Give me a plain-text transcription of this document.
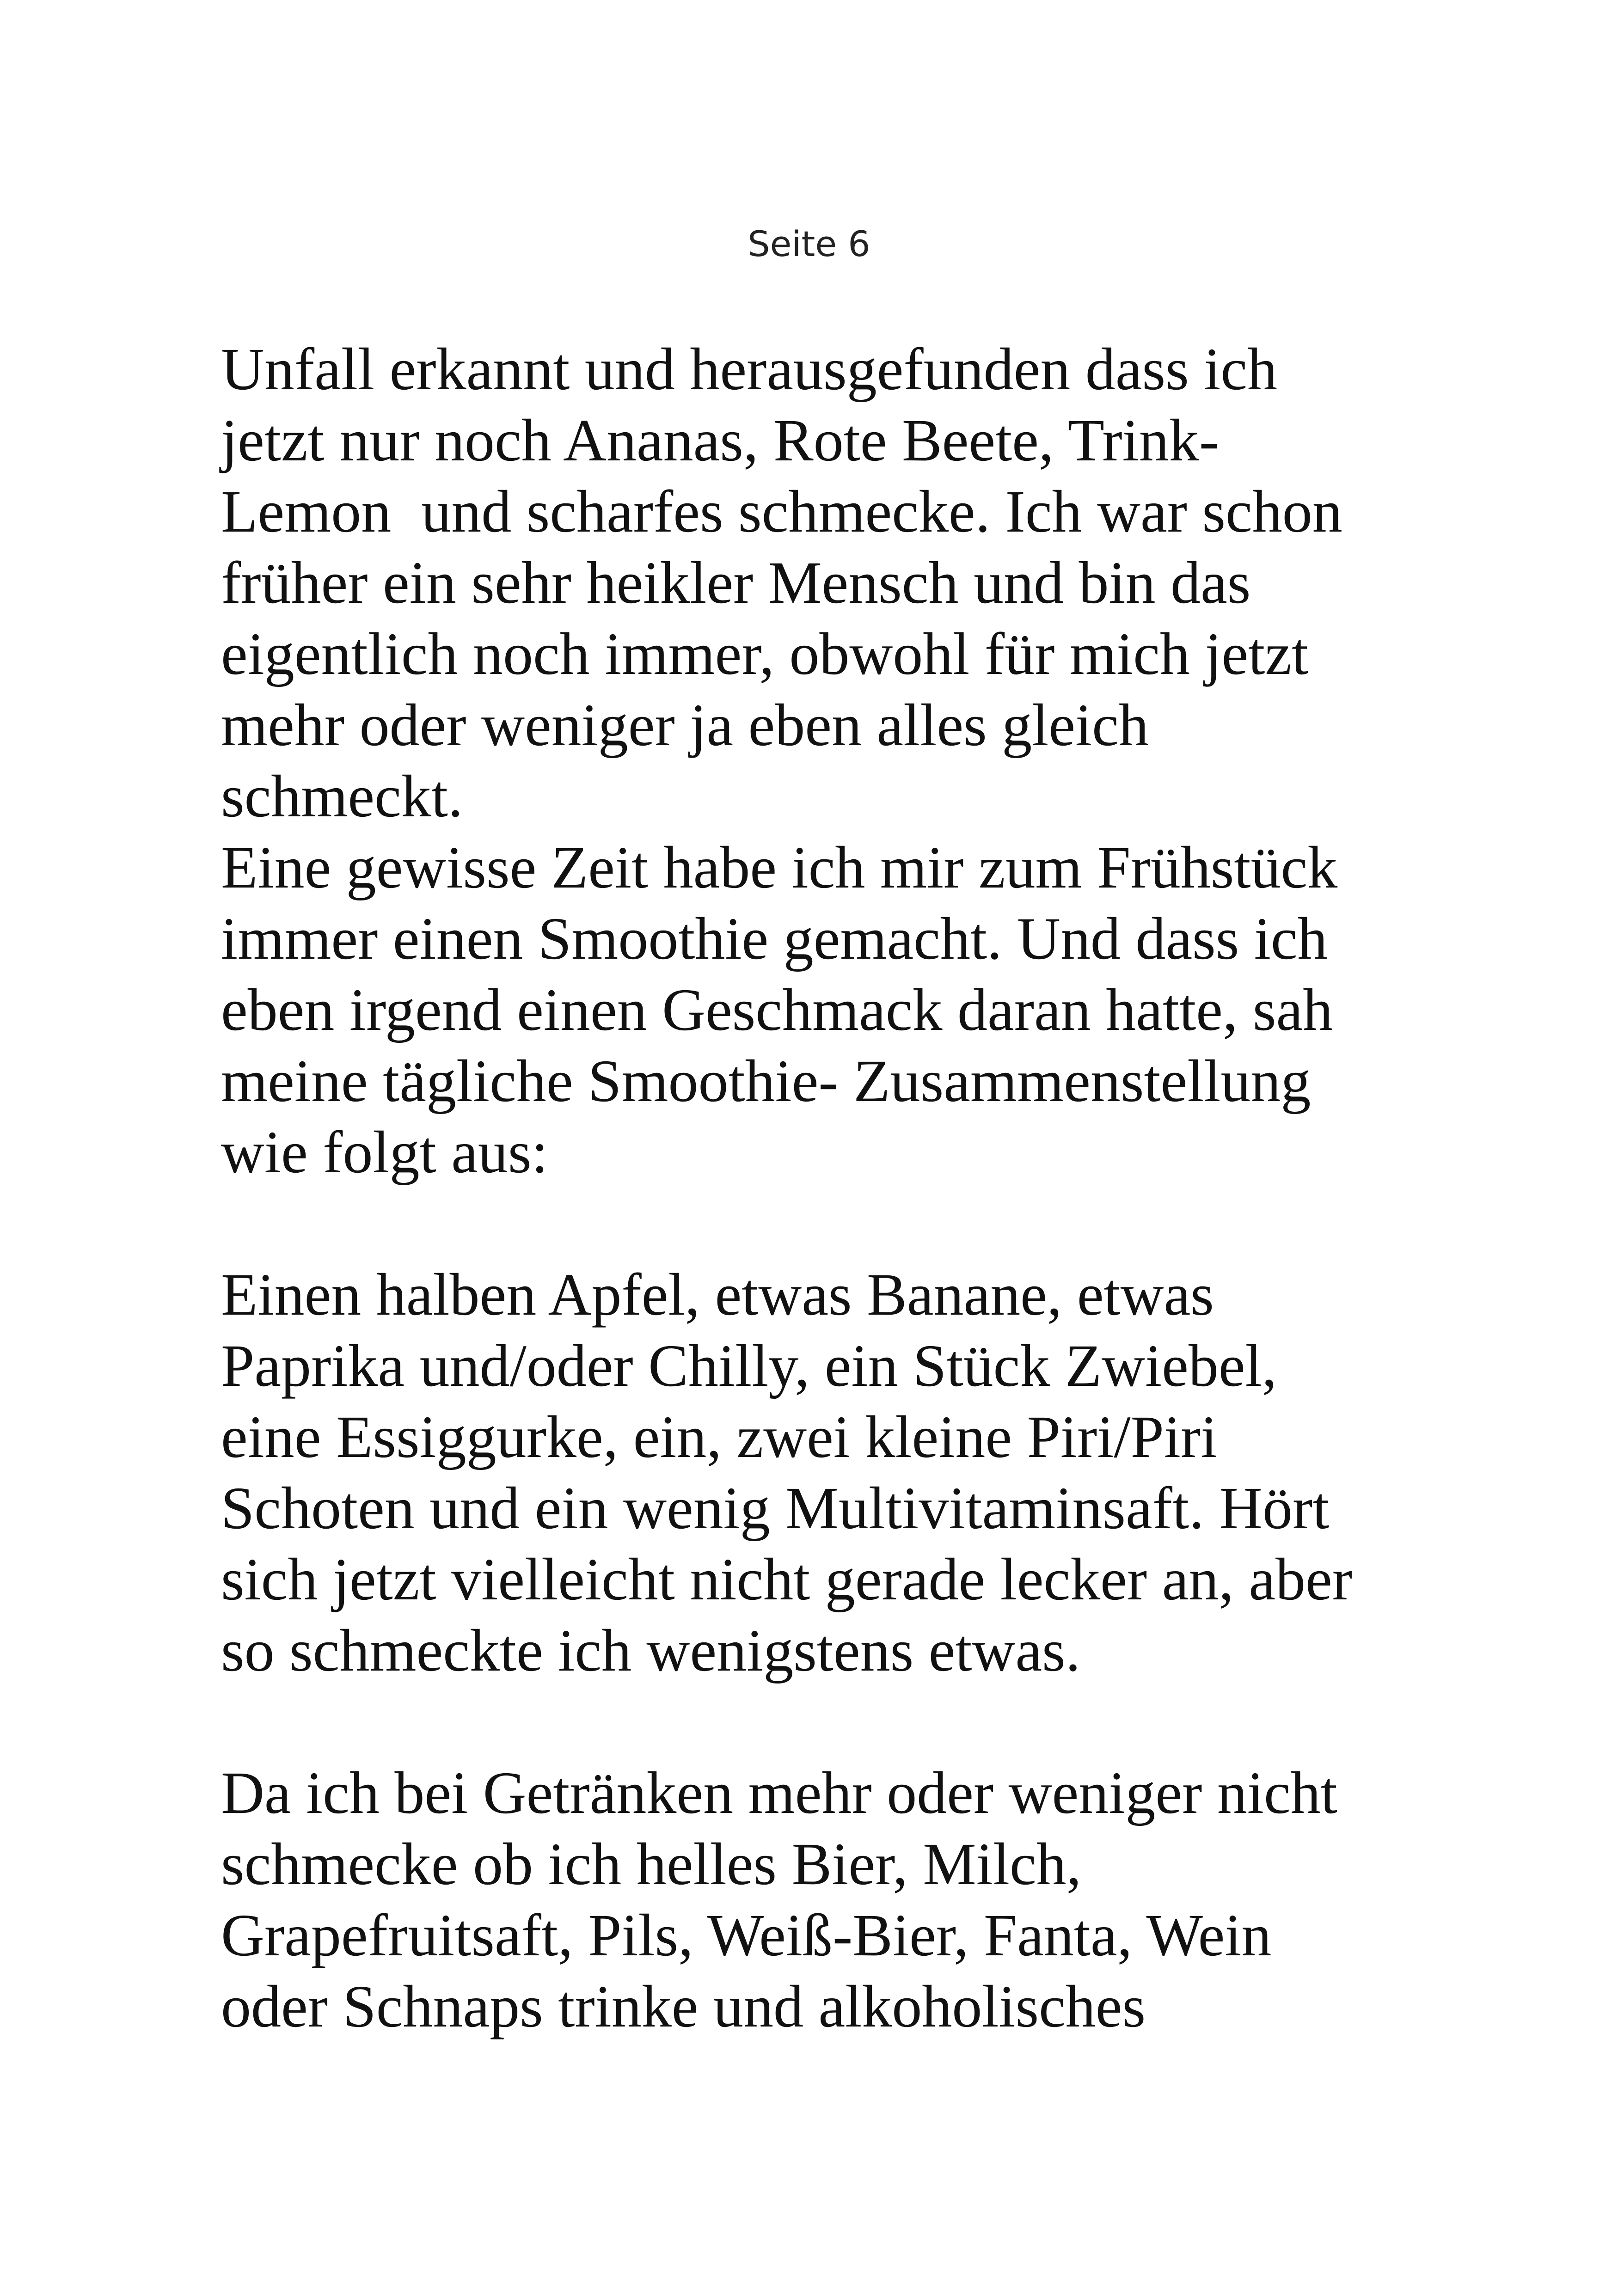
Seite 6
Unfall erkannt und herausgefunden dass ich
jetzt nur noch Ananas, Rote Beete, Trink-
Lemon  und scharfes schmecke. Ich war schon
früher ein sehr heikler Mensch und bin das
eigentlich noch immer, obwohl für mich jetzt
mehr oder weniger ja eben alles gleich
schmeckt.
Eine gewisse Zeit habe ich mir zum Frühstück
immer einen Smoothie gemacht. Und dass ich
eben irgend einen Geschmack daran hatte, sah
meine tägliche Smoothie- Zusammenstellung
wie folgt aus:
Einen halben Apfel, etwas Banane, etwas
Paprika und/oder Chilly, ein Stück Zwiebel,
eine Essiggurke, ein, zwei kleine Piri/Piri
Schoten und ein wenig Multivitaminsaft. Hört
sich jetzt vielleicht nicht gerade lecker an, aber
so schmeckte ich wenigstens etwas.
Da ich bei Getränken mehr oder weniger nicht
schmecke ob ich helles Bier, Milch,
Grapefruitsaft, Pils, Weiß-Bier, Fanta, Wein
oder Schnaps trinke und alkoholisches
